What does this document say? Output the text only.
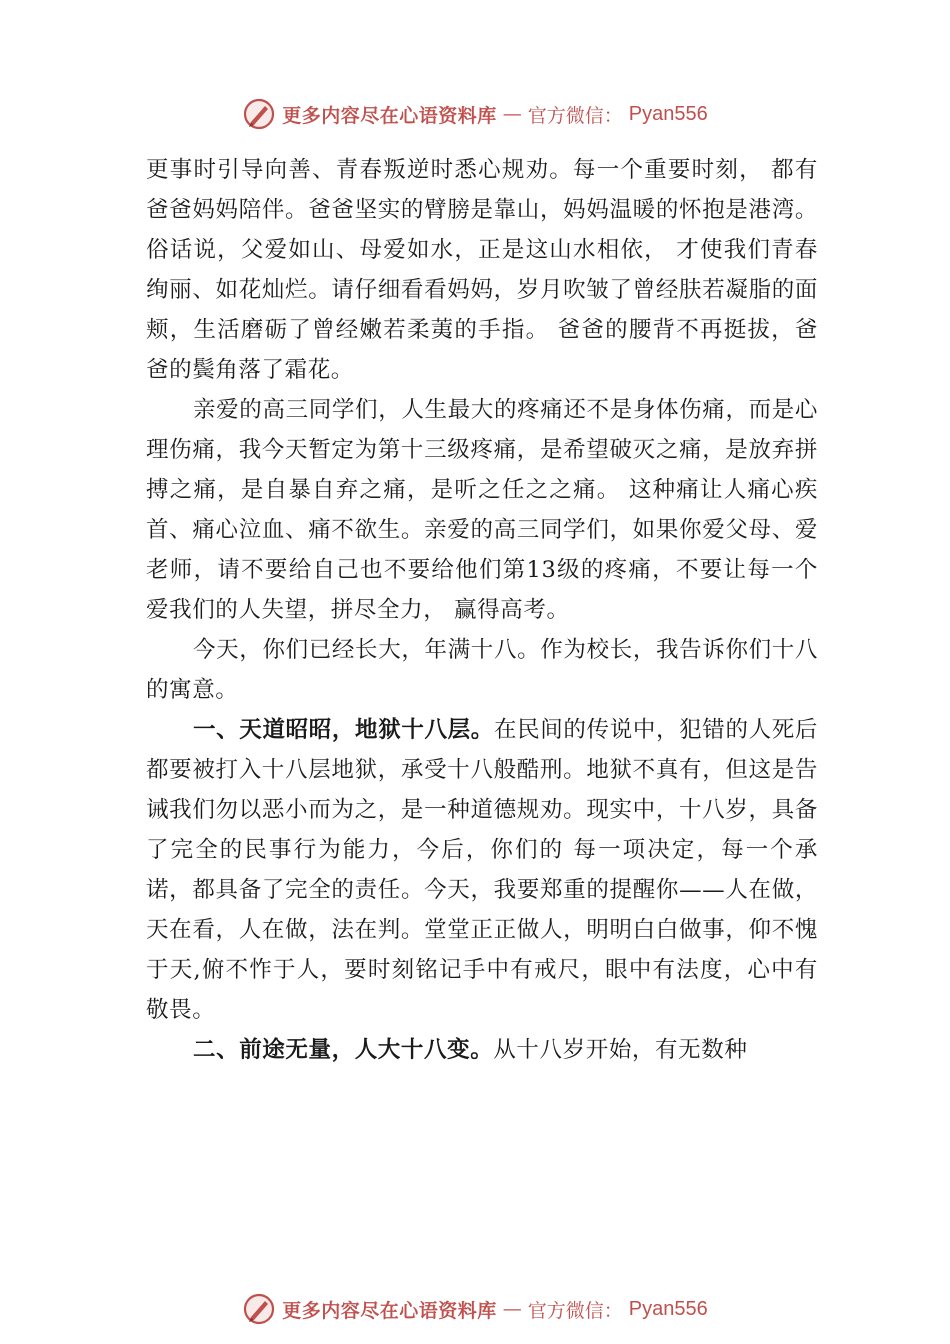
更多内容尽在心语资料库 — 官方微信： Pyan556

更事时引导向善、青春叛逆时悉心规劝。每一个重要时刻， 都有爸爸妈妈陪伴。爸爸坚实的臂膀是靠山，妈妈温暖的怀抱是港湾。俗话说，父爱如山、母爱如水，正是这山水相依， 才使我们青春绚丽、如花灿烂。请仔细看看妈妈，岁月吹皱了曾经肤若凝脂的面颊，生活磨砺了曾经嫩若柔荑的手指。 爸爸的腰背不再挺拔，爸爸的鬓角落了霜花。

亲爱的高三同学们，人生最大的疼痛还不是身体伤痛，而是心理伤痛，我今天暂定为第十三级疼痛，是希望破灭之痛，是放弃拼搏之痛，是自暴自弃之痛，是听之任之之痛。 这种痛让人痛心疾首、痛心泣血、痛不欲生。亲爱的高三同学们，如果你爱父母、爱老师，请不要给自己也不要给他们第13级的疼痛，不要让每一个爱我们的人失望，拼尽全力， 赢得高考。

今天，你们已经长大，年满十八。作为校长，我告诉你们十八的寓意。

一、天道昭昭，地狱十八层。在民间的传说中，犯错的人死后都要被打入十八层地狱，承受十八般酷刑。地狱不真有，但这是告诫我们勿以恶小而为之，是一种道德规劝。现实中，十八岁，具备了完全的民事行为能力，今后，你们的 每一项决定，每一个承诺，都具备了完全的责任。今天，我要郑重的提醒你——人在做，天在看，人在做，法在判。堂堂正正做人，明明白白做事，仰不愧于天,俯不怍于人，要时刻铭记手中有戒尺，眼中有法度，心中有敬畏。

二、前途无量，人大十八变。从十八岁开始，有无数种

更多内容尽在心语资料库 — 官方微信： Pyan556
